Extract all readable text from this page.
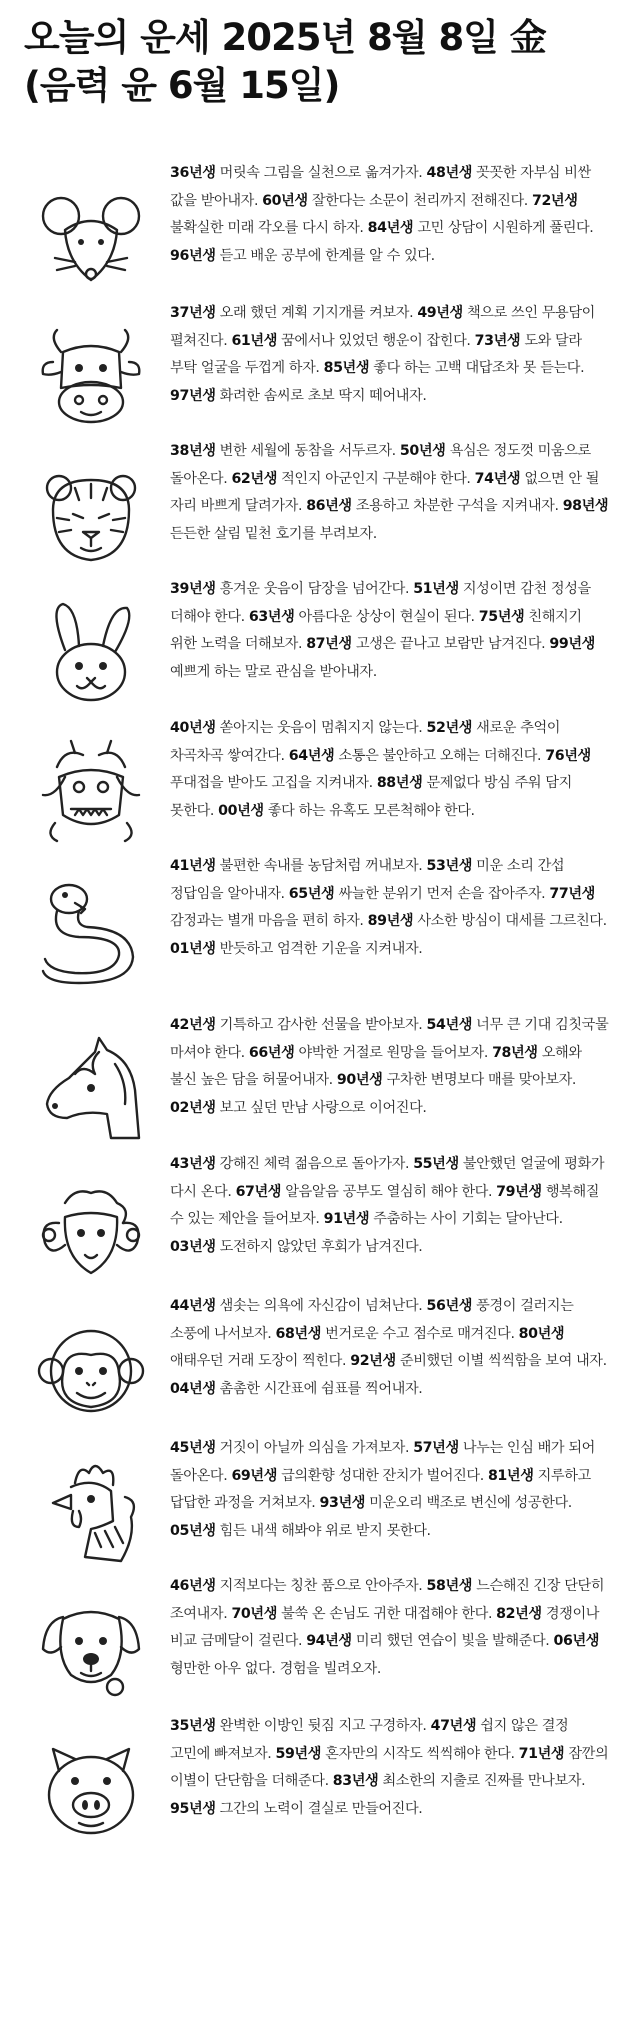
오늘의 운세 2025년 8월 8일 金
(음력 윤 6월 15일)
36년생 머릿속 그림을 실천으로 옮겨가자. 48년생 꼿꼿한 자부심 비싼 값을 받아내자. 60년생 잘한다는 소문이 천리까지 전해진다. 72년생 불확실한 미래 각오를 다시 하자. 84년생 고민 상담이 시원하게 풀린다. 96년생 듣고 배운 공부에 한계를 알 수 있다.
37년생 오래 했던 계획 기지개를 켜보자. 49년생 책으로 쓰인 무용담이 펼쳐진다. 61년생 꿈에서나 있었던 행운이 잡힌다. 73년생 도와 달라 부탁 얼굴을 두껍게 하자. 85년생 좋다 하는 고백 대답조차 못 듣는다. 97년생 화려한 솜씨로 초보 딱지 떼어내자.
38년생 변한 세월에 동참을 서두르자. 50년생 욕심은 정도껏 미움으로 돌아온다. 62년생 적인지 아군인지 구분해야 한다. 74년생 없으면 안 될 자리 바쁘게 달려가자. 86년생 조용하고 차분한 구석을 지켜내자. 98년생 든든한 살림 밑천 호기를 부려보자.
39년생 흥겨운 웃음이 담장을 넘어간다. 51년생 지성이면 감천 정성을 더해야 한다. 63년생 아름다운 상상이 현실이 된다. 75년생 친해지기 위한 노력을 더해보자. 87년생 고생은 끝나고 보람만 남겨진다. 99년생 예쁘게 하는 말로 관심을 받아내자.
40년생 쏟아지는 웃음이 멈춰지지 않는다. 52년생 새로운 추억이 차곡차곡 쌓여간다. 64년생 소통은 불안하고 오해는 더해진다. 76년생 푸대접을 받아도 고집을 지켜내자. 88년생 문제없다 방심 주워 담지 못한다. 00년생 좋다 하는 유혹도 모른척해야 한다.
41년생 불편한 속내를 농담처럼 꺼내보자. 53년생 미운 소리 간섭 정답임을 알아내자. 65년생 싸늘한 분위기 먼저 손을 잡아주자. 77년생 감정과는 별개 마음을 편히 하자. 89년생 사소한 방심이 대세를 그르친다. 01년생 반듯하고 엄격한 기운을 지켜내자.
42년생 기특하고 감사한 선물을 받아보자. 54년생 너무 큰 기대 김칫국물 마셔야 한다. 66년생 야박한 거절로 원망을 들어보자. 78년생 오해와 불신 높은 담을 허물어내자. 90년생 구차한 변명보다 매를 맞아보자. 02년생 보고 싶던 만남 사랑으로 이어진다.
43년생 강해진 체력 젊음으로 돌아가자. 55년생 불안했던 얼굴에 평화가 다시 온다. 67년생 알음알음 공부도 열심히 해야 한다. 79년생 행복해질 수 있는 제안을 들어보자. 91년생 주춤하는 사이 기회는 달아난다. 03년생 도전하지 않았던 후회가 남겨진다.
44년생 샘솟는 의욕에 자신감이 넘쳐난다. 56년생 풍경이 걸러지는 소풍에 나서보자. 68년생 번거로운 수고 점수로 매겨진다. 80년생 애태우던 거래 도장이 찍힌다. 92년생 준비했던 이별 씩씩함을 보여 내자. 04년생 촘촘한 시간표에 쉼표를 찍어내자.
45년생 거짓이 아닐까 의심을 가져보자. 57년생 나누는 인심 배가 되어 돌아온다. 69년생 급의환향 성대한 잔치가 벌어진다. 81년생 지루하고 답답한 과정을 거쳐보자. 93년생 미운오리 백조로 변신에 성공한다. 05년생 힘든 내색 해봐야 위로 받지 못한다.
46년생 지적보다는 칭찬 품으로 안아주자. 58년생 느슨해진 긴장 단단히 조여내자. 70년생 불쑥 온 손님도 귀한 대접해야 한다. 82년생 경쟁이나 비교 금메달이 걸린다. 94년생 미리 했던 연습이 빛을 발해준다. 06년생 형만한 아우 없다. 경험을 빌려오자.
35년생 완벽한 이방인 뒷짐 지고 구경하자. 47년생 쉽지 않은 결정 고민에 빠져보자. 59년생 혼자만의 시작도 씩씩해야 한다. 71년생 잠깐의 이별이 단단함을 더해준다. 83년생 최소한의 지출로 진짜를 만나보자. 95년생 그간의 노력이 결실로 만들어진다.
